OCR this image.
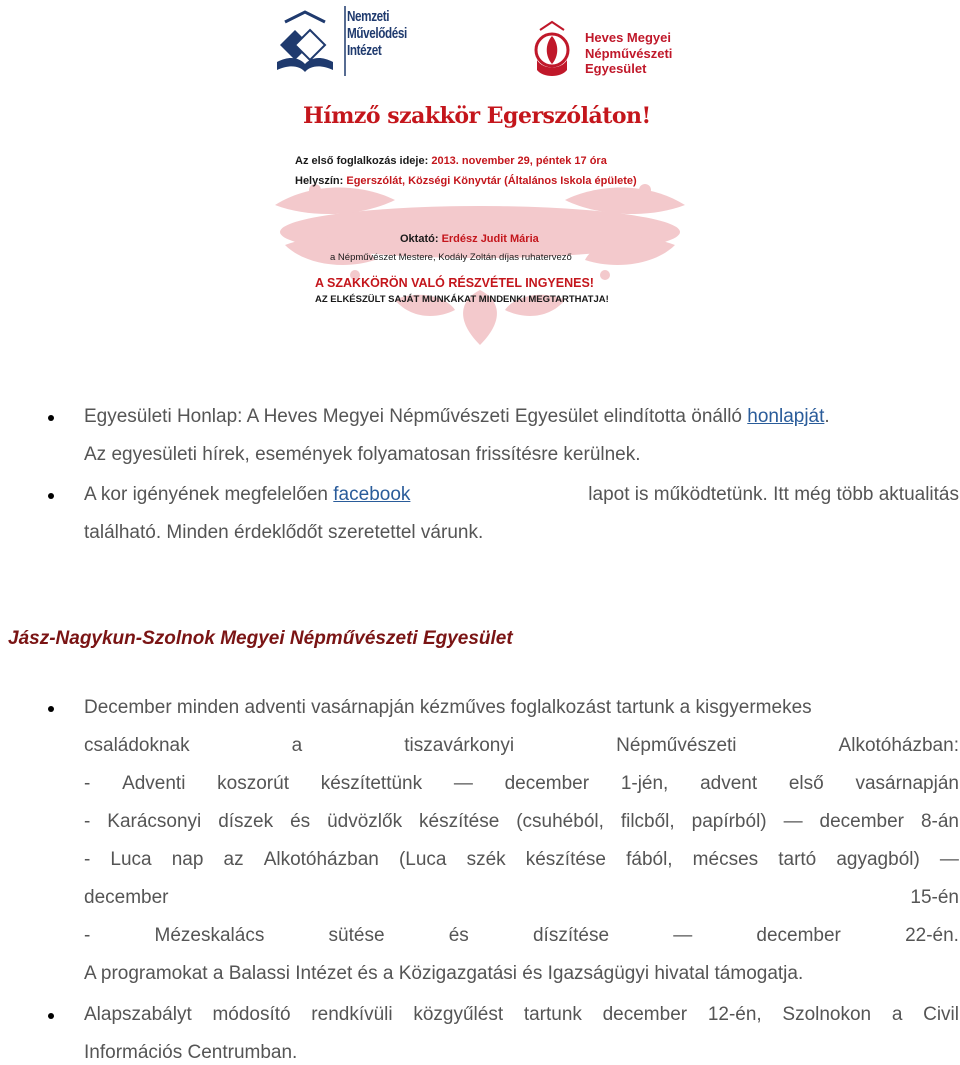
Nemzeti
Művelődési
Intézet
Heves Megyei
Népművészeti
Egyesület
Hímző szakkör Egerszóláton!
Az első foglalkozás ideje: 2013. november 29, péntek 17 óra
Helyszín: Egerszólát, Községi Könyvtár (Általános Iskola épülete)
Oktató: Erdész Judit Mária
a Népművészet Mestere, Kodály Zoltán díjas ruhatervező
A SZAKKÖRÖN VALÓ RÉSZVÉTEL INGYENES!
AZ ELKÉSZÜLT SAJÁT MUNKÁKAT MINDENKI MEGTARTHATJA!
Egyesületi Honlap: A Heves Megyei Népművészeti Egyesület elindította önálló honlapját.
Az egyesületi hírek, események folyamatosan frissítésre kerülnek.
A kor igényének megfelelően facebook	lapot is működtetünk. Itt még több aktualitás
található. Minden érdeklődőt szeretettel várunk.
Jász-Nagykun-Szolnok Megyei Népművészeti Egyesület
December minden adventi vasárnapján kézműves foglalkozást tartunk a kisgyermekes
családoknak	a	tiszavárkonyi	Népművészeti	Alkotóházban:
- Adventi koszorút készítettünk — december 1-jén, advent első vasárnapján
- Karácsonyi díszek és üdvözlők készítése (csuhéból, filcből, papírból) — december 8-án
- Luca nap az Alkotóházban (Luca szék készítése fából, mécses tartó agyagból) —
december	15-én
-	Mézeskalács	sütése	és	díszítése	—	december	22-én.
A programokat a Balassi Intézet és a Közigazgatási és Igazságügyi hivatal támogatja.
Alapszabályt módosító rendkívüli közgyűlést tartunk december 12-én, Szolnokon a Civil
Információs Centrumban.
